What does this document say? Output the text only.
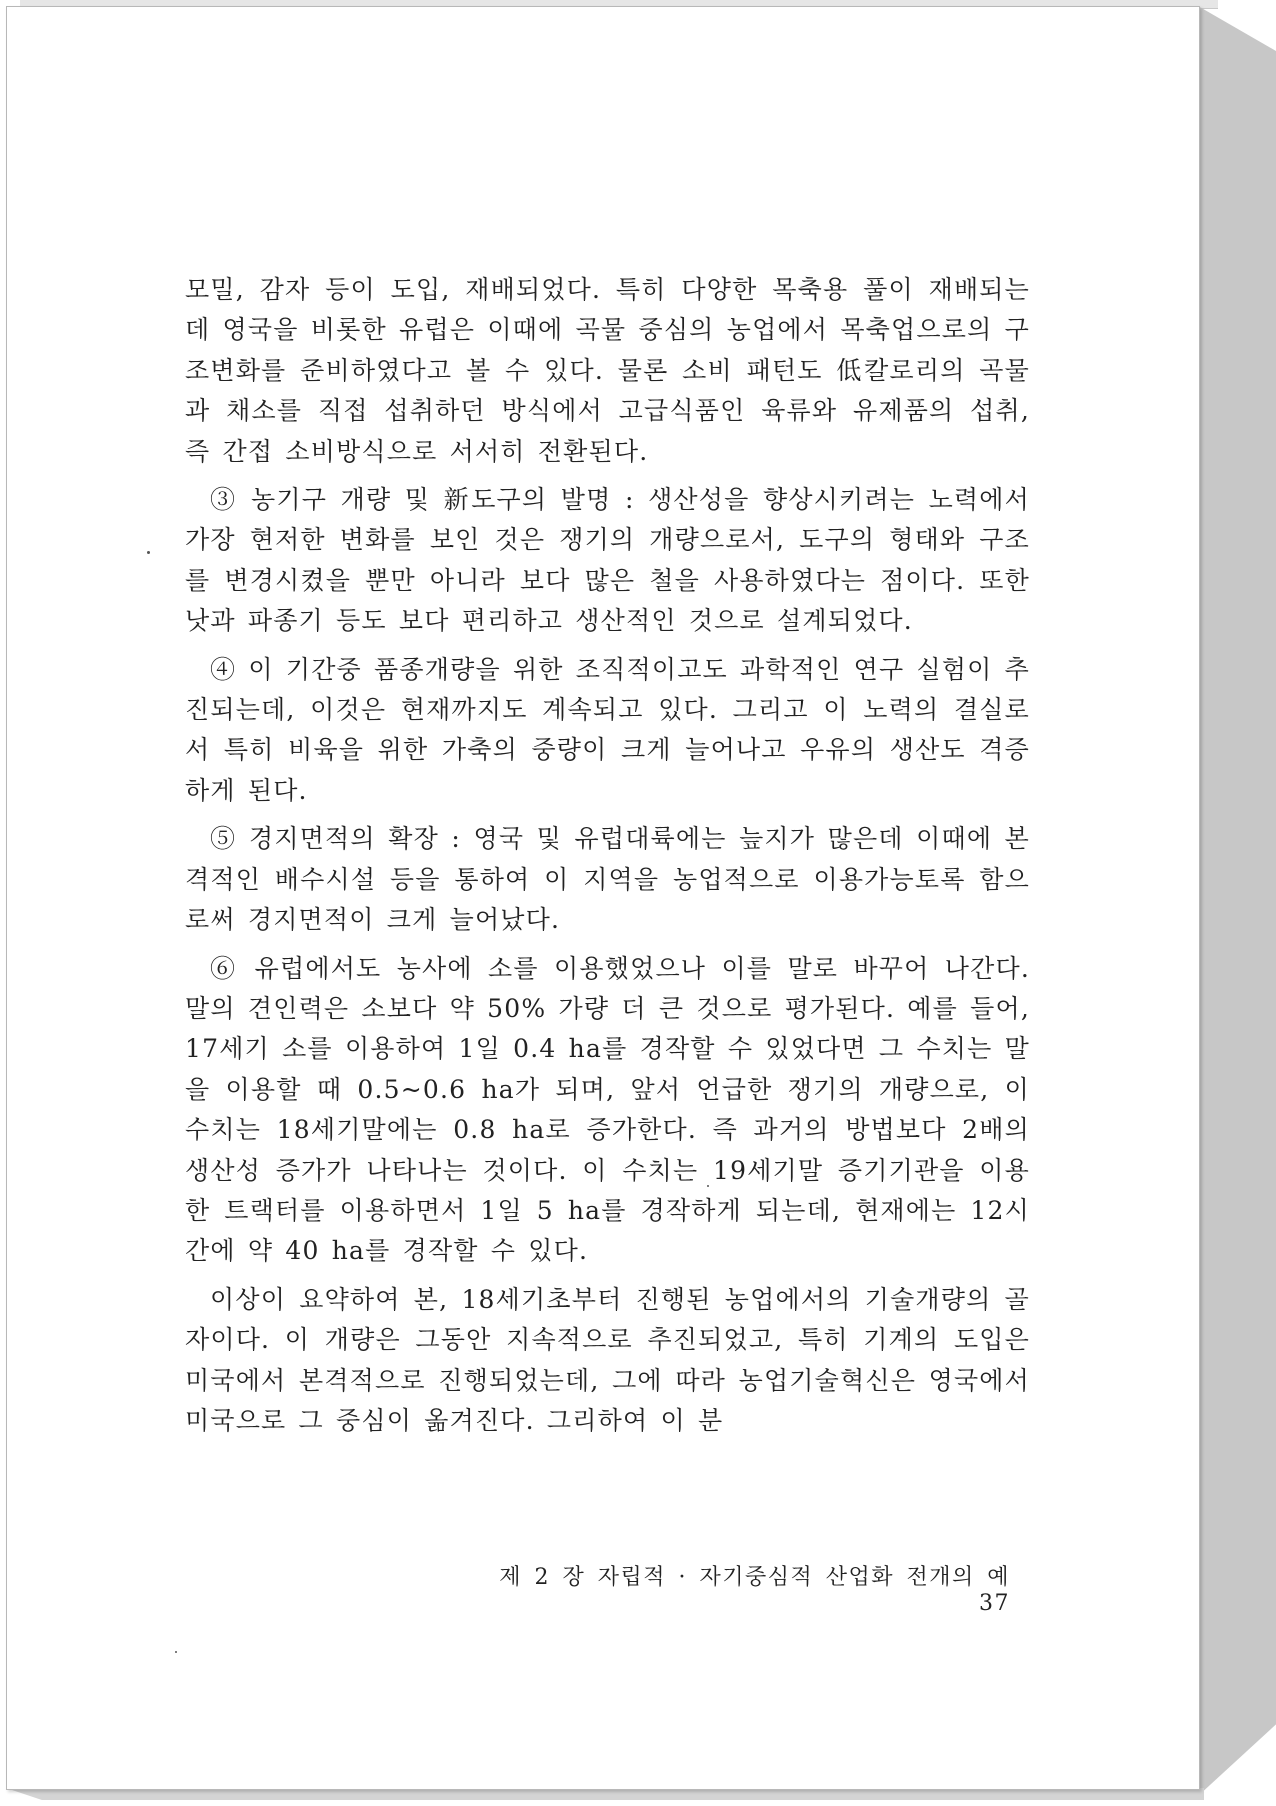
모밀, 감자 등이 도입, 재배되었다. 특히 다양한 목축용 풀이 재배되는데 영국을 비롯한 유럽은 이때에 곡물 중심의 농업에서 목축업으로의 구조변화를 준비하였다고 볼 수 있다. 물론 소비 패턴도 低칼로리의 곡물과 채소를 직접 섭취하던 방식에서 고급식품인 육류와 유제품의 섭취, 즉 간접 소비방식으로 서서히 전환된다.

③ 농기구 개량 및 新도구의 발명 : 생산성을 향상시키려는 노력에서 가장 현저한 변화를 보인 것은 쟁기의 개량으로서, 도구의 형태와 구조를 변경시켰을 뿐만 아니라 보다 많은 철을 사용하였다는 점이다. 또한 낫과 파종기 등도 보다 편리하고 생산적인 것으로 설계되었다.

④ 이 기간중 품종개량을 위한 조직적이고도 과학적인 연구 실험이 추진되는데, 이것은 현재까지도 계속되고 있다. 그리고 이 노력의 결실로서 특히 비육을 위한 가축의 중량이 크게 늘어나고 우유의 생산도 격증하게 된다.

⑤ 경지면적의 확장 : 영국 및 유럽대륙에는 늪지가 많은데 이때에 본격적인 배수시설 등을 통하여 이 지역을 농업적으로 이용가능토록 함으로써 경지면적이 크게 늘어났다.

⑥ 유럽에서도 농사에 소를 이용했었으나 이를 말로 바꾸어 나간다. 말의 견인력은 소보다 약 50% 가량 더 큰 것으로 평가된다. 예를 들어, 17세기 소를 이용하여 1일 0.4 ha를 경작할 수 있었다면 그 수치는 말을 이용할 때 0.5~0.6 ha가 되며, 앞서 언급한 쟁기의 개량으로, 이 수치는 18세기말에는 0.8 ha로 증가한다. 즉 과거의 방법보다 2배의 생산성 증가가 나타나는 것이다. 이 수치는 19세기말 증기기관을 이용한 트랙터를 이용하면서 1일 5 ha를 경작하게 되는데, 현재에는 12시간에 약 40 ha를 경작할 수 있다.

이상이 요약하여 본, 18세기초부터 진행된 농업에서의 기술개량의 골자이다. 이 개량은 그동안 지속적으로 추진되었고, 특히 기계의 도입은 미국에서 본격적으로 진행되었는데, 그에 따라 농업기술혁신은 영국에서 미국으로 그 중심이 옮겨진다. 그리하여 이 분

제 2 장 자립적 · 자기중심적 산업화 전개의 예37
